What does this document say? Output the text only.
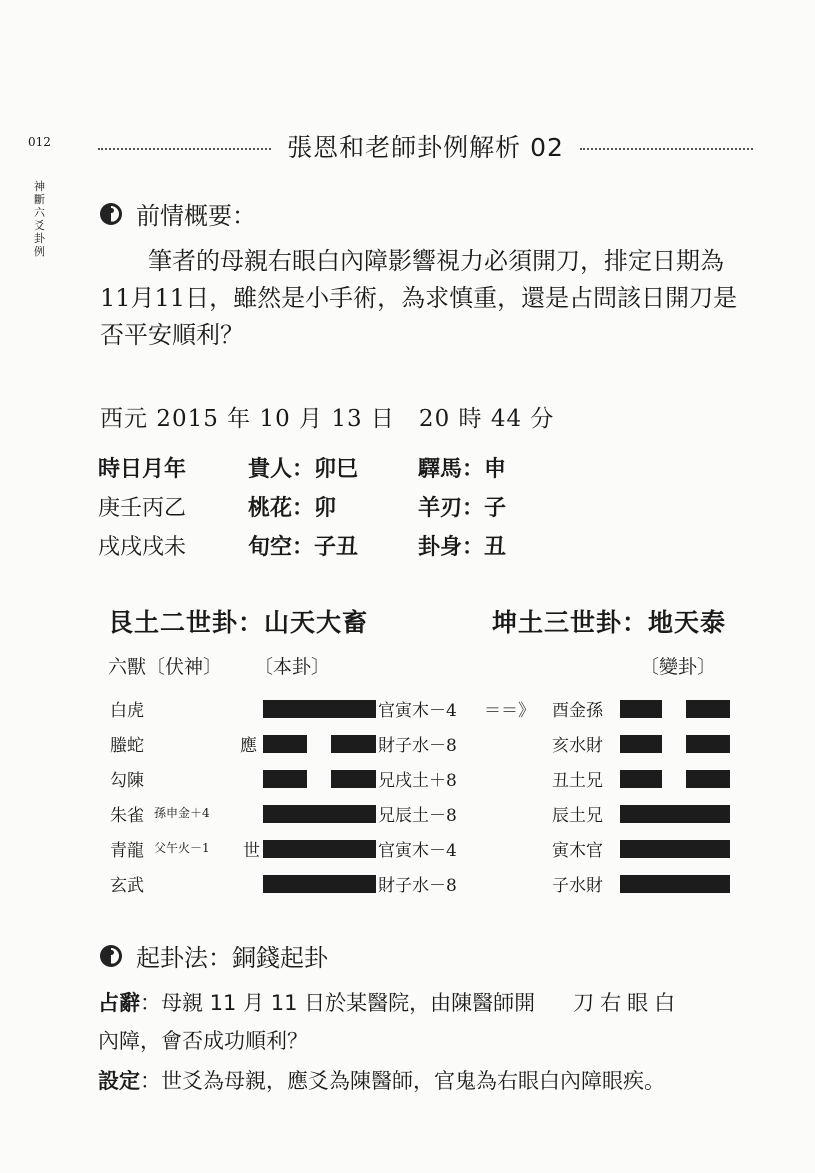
012
神斷六爻卦例
張恩和老師卦例解析 02
前情概要：

筆者的母親右眼白內障影響視力必須開刀，排定日期為

11月11日，雖然是小手術，為求慎重，還是占問該日開刀是

否平安順利？

西元 2015 年 10 月 13 日　20 時 44 分
時日月年	貴人：卯巳	驛馬：申
庚壬丙乙	桃花：卯	羊刃：子
戌戌戌未	旬空：子丑	卦身：丑
艮土二世卦：山天大畜	坤土三世卦：地天泰
六獸〔伏神〕 〔本卦〕	〔變卦〕
白虎	官寅木－4 ＝＝》 酉金孫
螣蛇	應	財子水－8	亥水財
勾陳	兄戌土＋8	丑土兄
朱雀 孫申金＋4	兄辰土－8	辰土兄
青龍 父午火－1 世	官寅木－4	寅木官
玄武	財子水－8	子水財
起卦法：銅錢起卦

占辭：母親 11 月 11 日於某醫院，由陳醫師開 刀右眼白

內障，會否成功順利？

設定：世爻為母親，應爻為陳醫師，官鬼為右眼白內障眼疾。
